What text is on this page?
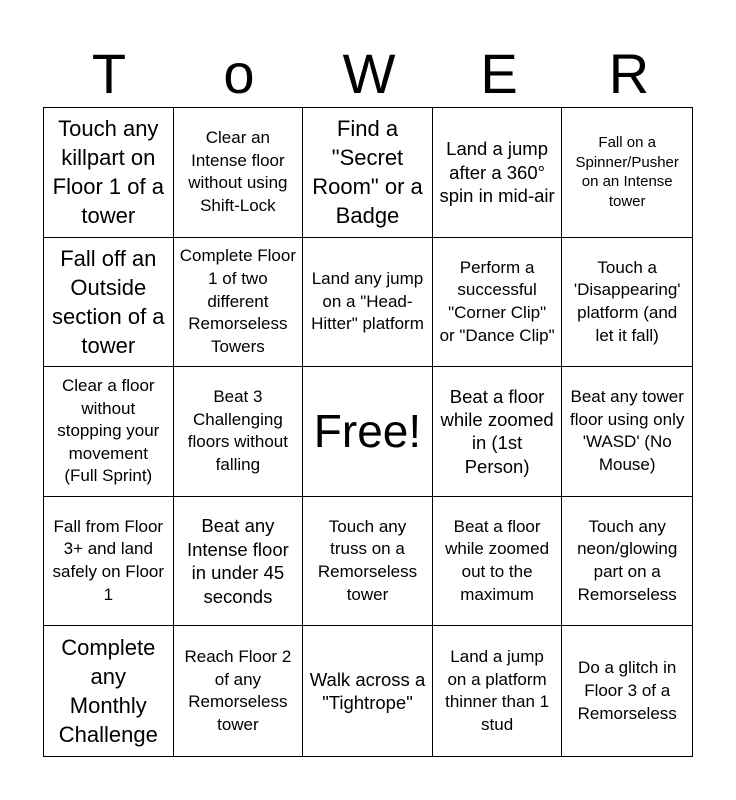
T	o	W	E	R
Touch any killpart on Floor 1 of a tower
Clear an Intense floor without using Shift-Lock
Find a "Secret Room" or a Badge
Land a jump after a 360° spin in mid-air
Fall on a Spinner/Pusher on an Intense tower
Fall off an Outside section of a tower
Complete Floor 1 of two different Remorseless Towers
Land any jump on a "Head-Hitter" platform
Perform a successful "Corner Clip" or "Dance Clip"
Touch a 'Disappearing' platform (and let it fall)
Clear a floor without stopping your movement (Full Sprint)
Beat 3 Challenging floors without falling
Free!
Beat a floor while zoomed in (1st Person)
Beat any tower floor using only 'WASD' (No Mouse)
Fall from Floor 3+ and land safely on Floor 1
Beat any Intense floor in under 45 seconds
Touch any truss on a Remorseless tower
Beat a floor while zoomed out to the maximum
Touch any neon/glowing part on a Remorseless
Complete any Monthly Challenge
Reach Floor 2 of any Remorseless tower
Walk across a "Tightrope"
Land a jump on a platform thinner than 1 stud
Do a glitch in Floor 3 of a Remorseless
